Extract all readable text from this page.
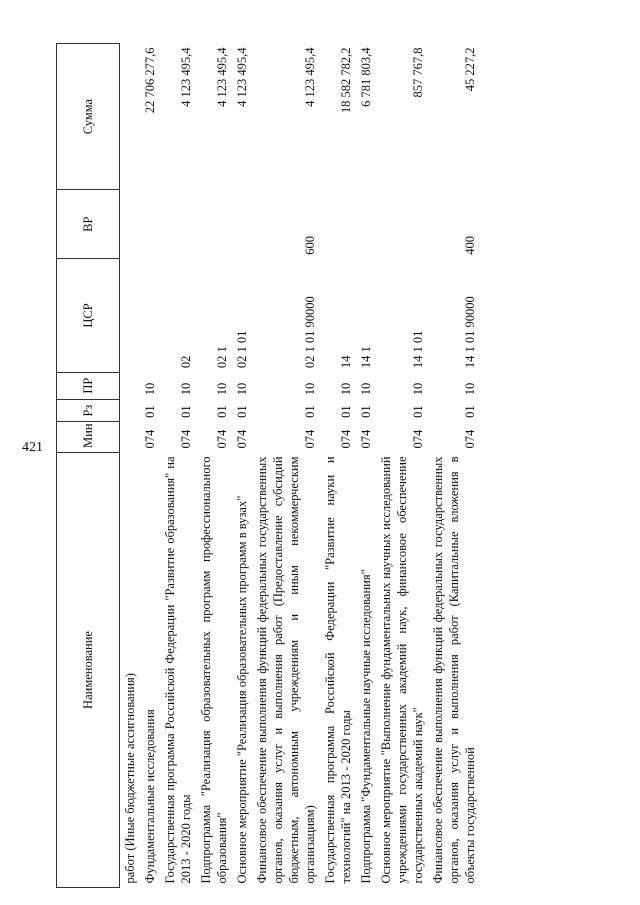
421
Наименование	Мин	Рз	ПР	ЦСР	ВР	Сумма
работ (Иные бюджетные ассигнования)						
Фундаментальные исследования	074	01	10			22 706 277,6
Государственная программа Российской Федерации "Развитие образования" на 2013 - 2020 годы	074	01	10	02		4 123 495,4
Подпрограмма "Реализация образовательных программ профессионального образования"	074	01	10	02 1		4 123 495,4
Основное мероприятие "Реализация образовательных программ в вузах"	074	01	10	02 1 01		4 123 495,4
Финансовое обеспечение выполнения функций федеральных государственных органов, оказания услуг и выполнения работ (Предоставление субсидий бюджетным, автономным учреждениям и иным некоммерческим организациям)	074	01	10	02 1 01 90000	600	4 123 495,4
Государственная программа Российской Федерации "Развитие науки и технологий" на 2013 - 2020 годы	074	01	10	14		18 582 782,2
Подпрограмма "Фундаментальные научные исследования"	074	01	10	14 1		6 781 803,4
Основное мероприятие "Выполнение фундаментальных научных исследований учреждениями государственных академий наук, финансовое обеспечение государственных академий наук"	074	01	10	14 1 01		857 767,8
Финансовое обеспечение выполнения функций федеральных государственных органов, оказания услуг и выполнения работ (Капитальные вложения в объекты государственной	074	01	10	14 1 01 90000	400	45 227,2
